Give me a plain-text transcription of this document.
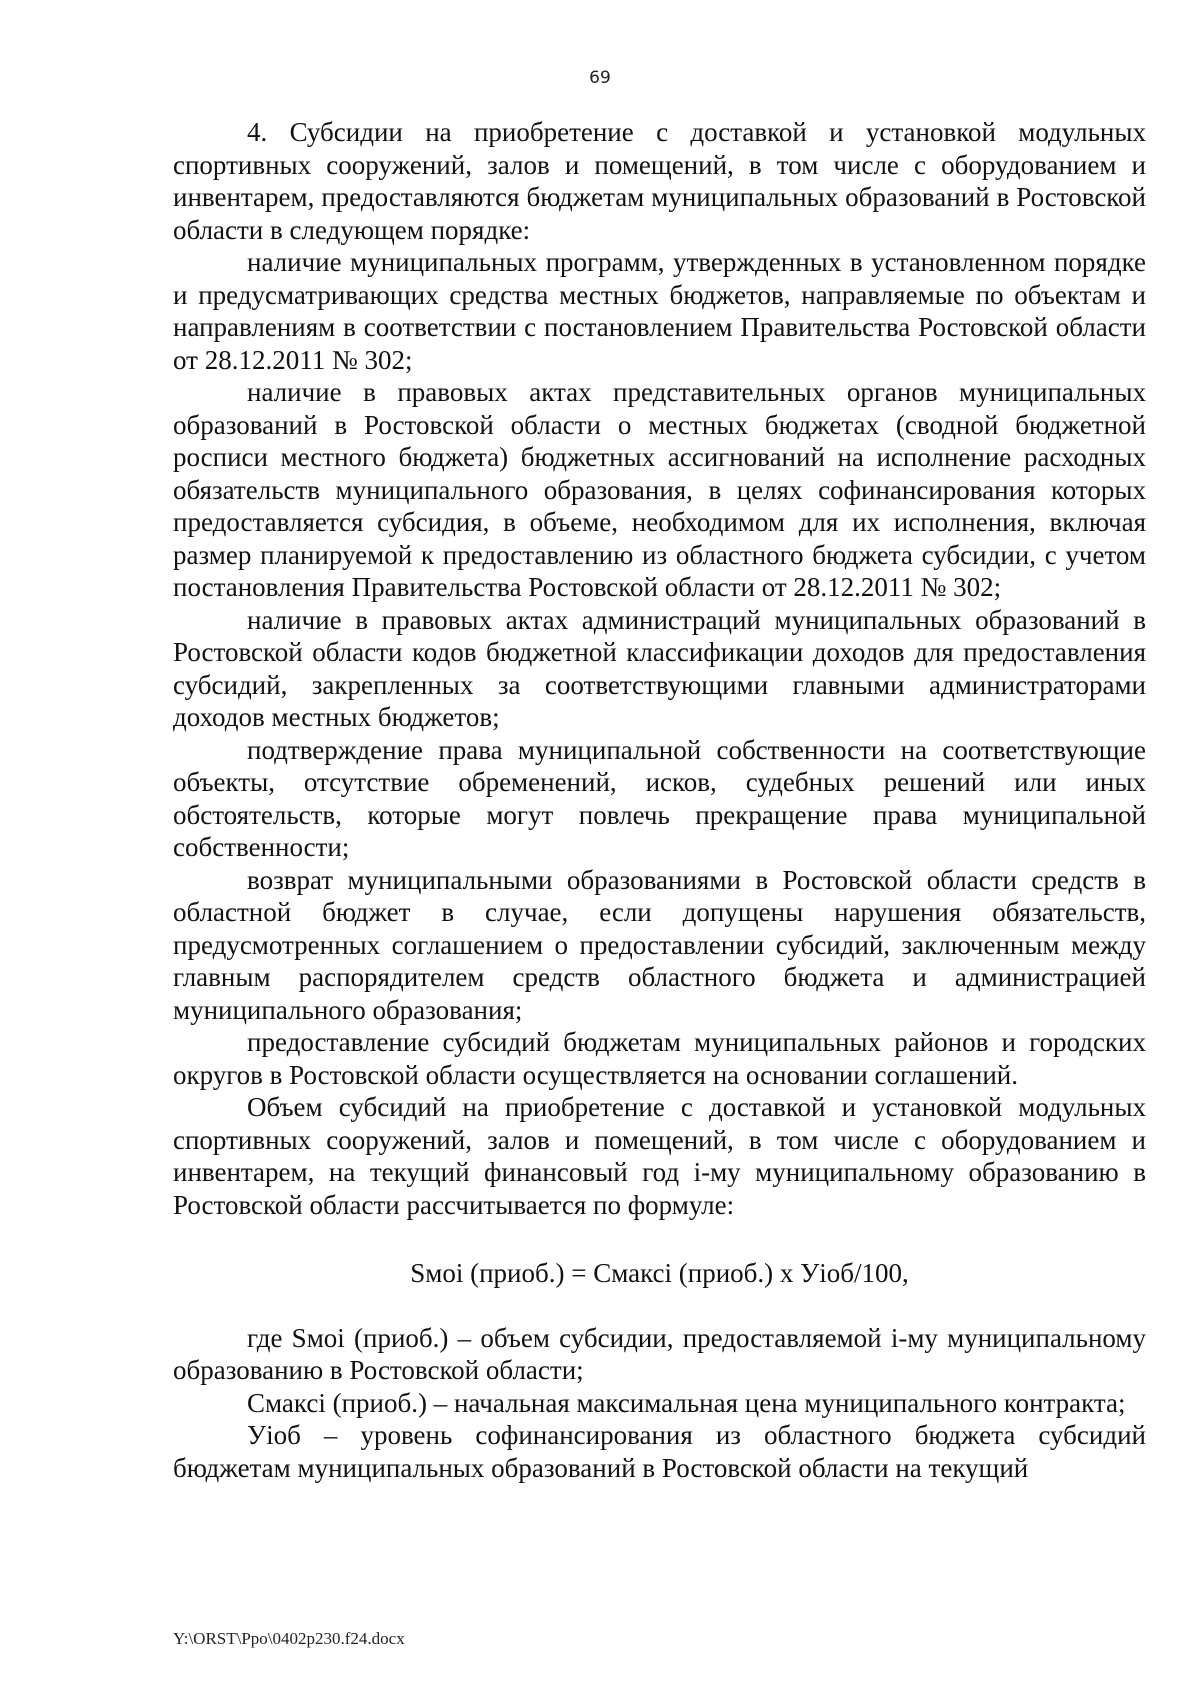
69

4. Субсидии на приобретение с доставкой и установкой модульных спортивных сооружений, залов и помещений, в том числе с оборудованием и инвентарем, предоставляются бюджетам муниципальных образований в Ростовской области в следующем порядке:

наличие муниципальных программ, утвержденных в установленном порядке и предусматривающих средства местных бюджетов, направляемые по объектам и направлениям в соответствии с постановлением Правительства Ростовской области от 28.12.2011 № 302;

наличие в правовых актах представительных органов муниципальных образований в Ростовской области о местных бюджетах (сводной бюджетной росписи местного бюджета) бюджетных ассигнований на исполнение расходных обязательств муниципального образования, в целях софинансирования которых предоставляется субсидия, в объеме, необходимом для их исполнения, включая размер планируемой к предоставлению из областного бюджета субсидии, с учетом постановления Правительства Ростовской области от 28.12.2011 № 302;

наличие в правовых актах администраций муниципальных образований в Ростовской области кодов бюджетной классификации доходов для предоставления субсидий, закрепленных за соответствующими главными администраторами доходов местных бюджетов;

подтверждение права муниципальной собственности на соответствующие объекты, отсутствие обременений, исков, судебных решений или иных обстоятельств, которые могут повлечь прекращение права муниципальной собственности;

возврат муниципальными образованиями в Ростовской области средств в областной бюджет в случае, если допущены нарушения обязательств, предусмотренных соглашением о предоставлении субсидий, заключенным между главным распорядителем средств областного бюджета и администрацией муниципального образования;

предоставление субсидий бюджетам муниципальных районов и городских округов в Ростовской области осуществляется на основании соглашений.

Объем субсидий на приобретение с доставкой и установкой модульных спортивных сооружений, залов и помещений, в том числе с оборудованием и инвентарем, на текущий финансовый год i-му муниципальному образованию в Ростовской области рассчитывается по формуле:

Sмоi (приоб.) = Смаксi (приоб.) х Уiоб/100,

где Sмоi (приоб.) – объем субсидии, предоставляемой i-му муниципальному образованию в Ростовской области;

Смаксi (приоб.) – начальная максимальная цена муниципального контракта;

Уiоб – уровень софинансирования из областного бюджета субсидий бюджетам муниципальных образований в Ростовской области на текущий

Y:\ORST\Ppo\0402p230.f24.docx
